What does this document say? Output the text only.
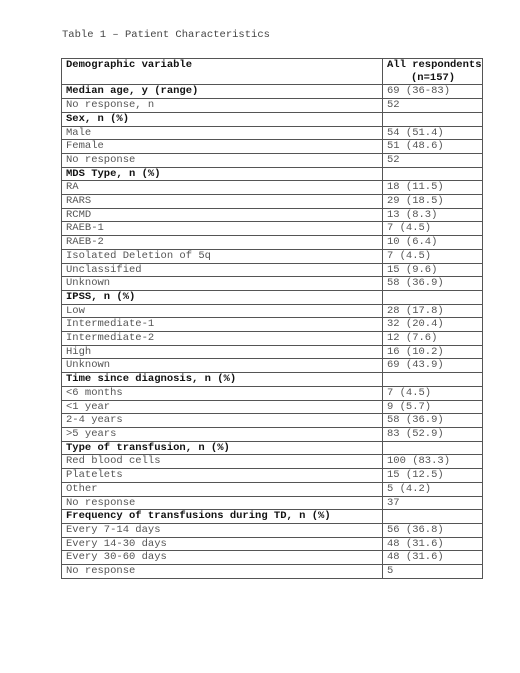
Table 1 – Patient Characteristics
Demographic variable	All respondents
(n=157)

Median age, y (range)	69 (36-83)
No response, n	52
Sex, n (%)	
Male	54 (51.4)
Female	51 (48.6)
No response	52
MDS Type, n (%)	
RA	18 (11.5)
RARS	29 (18.5)
RCMD	13 (8.3)
RAEB-1	7 (4.5)
RAEB-2	10 (6.4)
Isolated Deletion of 5q	7 (4.5)
Unclassified	15 (9.6)
Unknown	58 (36.9)
IPSS, n (%)	
Low	28 (17.8)
Intermediate-1	32 (20.4)
Intermediate-2	12 (7.6)
High	16 (10.2)
Unknown	69 (43.9)
Time since diagnosis, n (%)	
<6 months	7 (4.5)
<1 year	9 (5.7)
2-4 years	58 (36.9)
>5 years	83 (52.9)
Type of transfusion, n (%)	
Red blood cells	100 (83.3)
Platelets	15 (12.5)
Other	5 (4.2)
No response	37
Frequency of transfusions during TD, n (%)	
Every 7-14 days	56 (36.8)
Every 14-30 days	48 (31.6)
Every 30-60 days	48 (31.6)
No response	5
